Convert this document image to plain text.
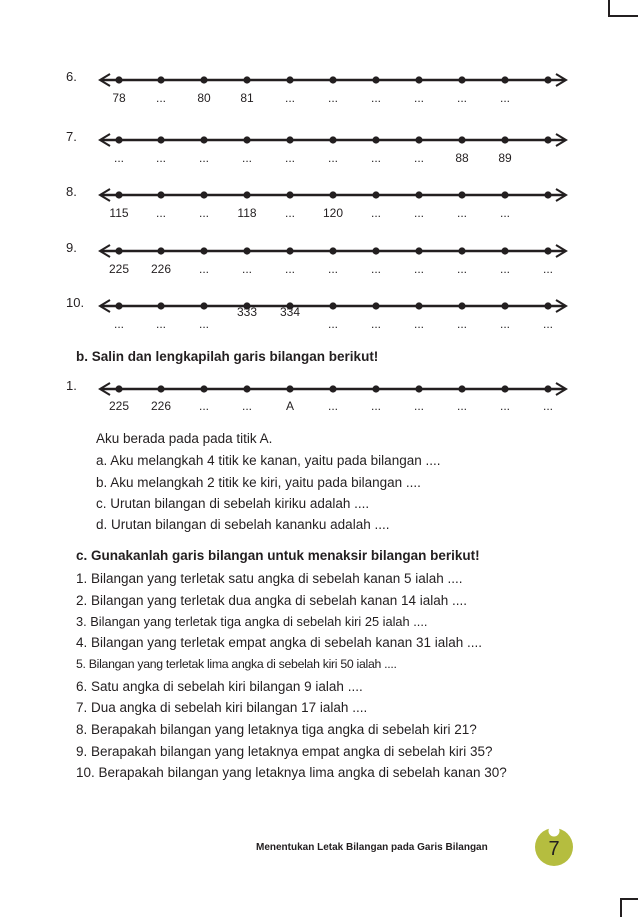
6.
78	...	80	81	...	...	...	...	...	...
7.
...	...	...	...	...	...	...	...	88	89
8.
115	...	...	118	...	120	...	...	...	...
9.
225	226	...	...	...	...	...	...	...	...	...
10.
...	...	...
333	334
...	...	...	...	...	...
b. Salin dan lengkapilah garis bilangan berikut!
1.
225	226	...	...	A	...	...	...	...	...	...
Aku berada pada pada titik A.
a. Aku melangkah 4 titik ke kanan, yaitu pada bilangan ....
b. Aku melangkah 2 titik ke kiri, yaitu pada bilangan ....
c. Urutan bilangan di sebelah kiriku adalah ....
d. Urutan bilangan di sebelah kananku adalah ....
c. Gunakanlah garis bilangan untuk menaksir bilangan berikut!
1. Bilangan yang terletak satu angka di sebelah kanan 5 ialah ....
2. Bilangan yang terletak dua angka di sebelah kanan 14 ialah ....
3. Bilangan yang terletak tiga angka di sebelah kiri 25 ialah ....
4. Bilangan yang terletak empat angka di sebelah kanan 31 ialah ....
5. Bilangan yang terletak lima angka di sebelah kiri 50 ialah ....
6. Satu angka di sebelah kiri bilangan 9 ialah ....
7. Dua angka di sebelah kiri bilangan 17 ialah ....
8. Berapakah bilangan yang letaknya tiga angka di sebelah kiri 21?
9. Berapakah bilangan yang letaknya empat angka di sebelah kiri 35?
10. Berapakah bilangan yang letaknya lima angka di sebelah kanan 30?
Menentukan Letak Bilangan pada Garis Bilangan	7
